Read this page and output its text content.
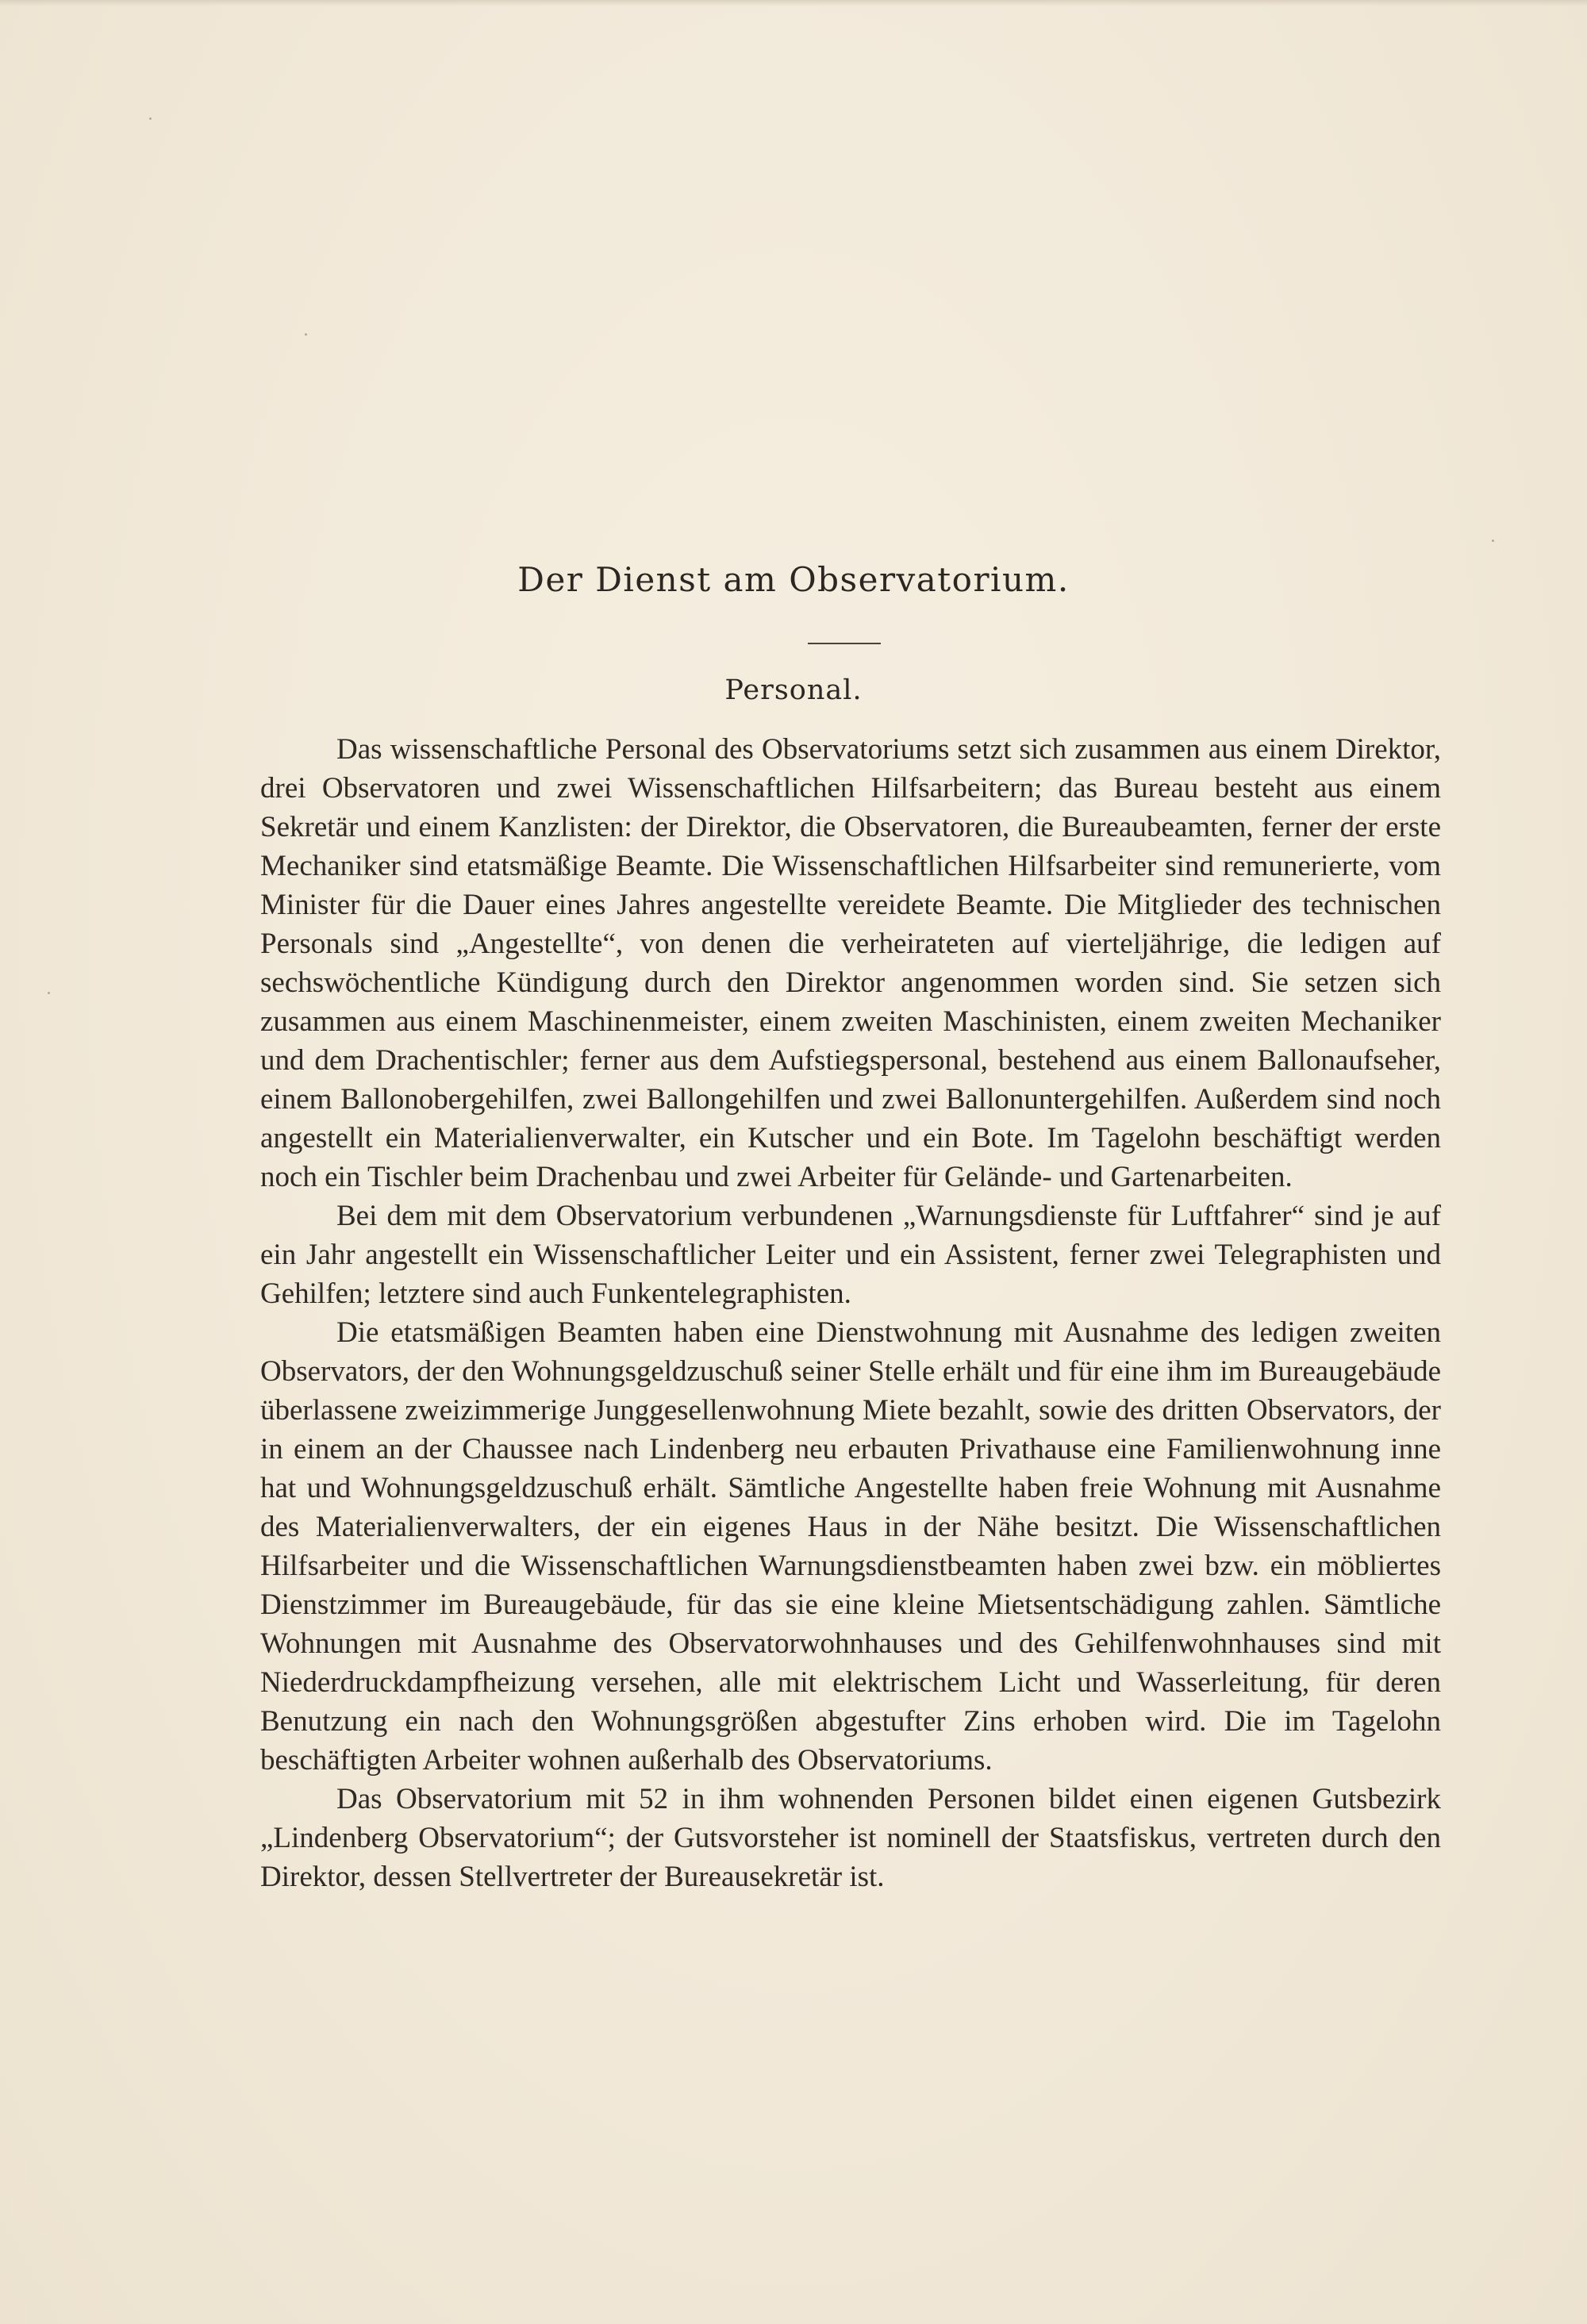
Der Dienst am Observatorium.
Personal.

Das wissenschaftliche Personal des Observatoriums setzt sich zusammen aus einem Direktor, drei Observatoren und zwei Wissenschaftlichen Hilfsarbeitern; das Bureau besteht aus einem Sekretär und einem Kanzlisten: der Direktor, die Observatoren, die Bureaubeamten, ferner der erste Mechaniker sind etatsmäßige Beamte. Die Wissenschaftlichen Hilfsarbeiter sind remunerierte, vom Minister für die Dauer eines Jahres angestellte vereidete Beamte. Die Mitglieder des technischen Personals sind „Angestellte“, von denen die verheirateten auf vierteljährige, die ledigen auf sechswöchentliche Kündigung durch den Direktor angenommen worden sind. Sie setzen sich zusammen aus einem Maschinenmeister, einem zweiten Maschinisten, einem zweiten Mechaniker und dem Drachentischler; ferner aus dem Aufstiegspersonal, bestehend aus einem Ballonaufseher, einem Ballonobergehilfen, zwei Ballongehilfen und zwei Ballonuntergehilfen. Außerdem sind noch angestellt ein Materialienverwalter, ein Kutscher und ein Bote. Im Tagelohn beschäftigt werden noch ein Tischler beim Drachenbau und zwei Arbeiter für Gelände- und Gartenarbeiten.

Bei dem mit dem Observatorium verbundenen „Warnungsdienste für Luftfahrer“ sind je auf ein Jahr angestellt ein Wissenschaftlicher Leiter und ein Assistent, ferner zwei Telegraphisten und Gehilfen; letztere sind auch Funkentelegraphisten.

Die etatsmäßigen Beamten haben eine Dienstwohnung mit Ausnahme des ledigen zweiten Observators, der den Wohnungsgeldzuschuß seiner Stelle erhält und für eine ihm im Bureaugebäude überlassene zweizimmerige Junggesellenwohnung Miete bezahlt, sowie des dritten Observators, der in einem an der Chaussee nach Lindenberg neu erbauten Privathause eine Familienwohnung inne hat und Wohnungsgeldzuschuß erhält. Sämtliche Angestellte haben freie Wohnung mit Ausnahme des Materialienverwalters, der ein eigenes Haus in der Nähe besitzt. Die Wissenschaftlichen Hilfsarbeiter und die Wissenschaftlichen Warnungsdienstbeamten haben zwei bzw. ein möbliertes Dienstzimmer im Bureaugebäude, für das sie eine kleine Mietsentschädigung zahlen. Sämtliche Wohnungen mit Ausnahme des Observatorwohnhauses und des Gehilfenwohnhauses sind mit Niederdruckdampfheizung versehen, alle mit elektrischem Licht und Wasserleitung, für deren Benutzung ein nach den Wohnungsgrößen abgestufter Zins erhoben wird. Die im Tagelohn beschäftigten Arbeiter wohnen außerhalb des Observatoriums.

Das Observatorium mit 52 in ihm wohnenden Personen bildet einen eigenen Gutsbezirk „Lindenberg Observatorium“; der Gutsvorsteher ist nominell der Staatsfiskus, vertreten durch den Direktor, dessen Stellvertreter der Bureausekretär ist.
